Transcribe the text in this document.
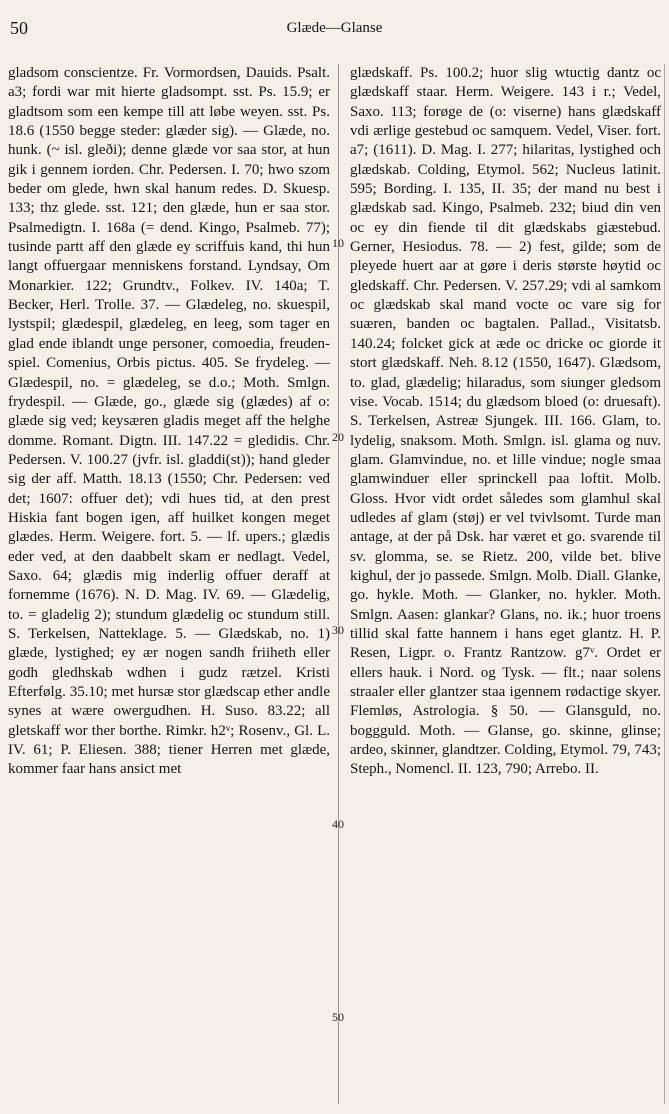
50	Glæde—Glanse

gladsom conscientze. Fr. Vormordsen, Dauids. Psalt. a3; fordi war mit hierte gladsompt. sst. Ps. 15.9; er gladtsom som een kempe till att løbe weyen. sst. Ps. 18.6 (1550 begge steder: glæder sig). — Glæde, no. hunk. (~ isl. gleði); denne glæde vor saa stor, at hun gik i gennem iorden. Chr. Pedersen. I. 70; hwo szom beder om glede, hwn skal hanum redes. D. Skuesp. 133; thz glede. sst. 121; den glæde, hun er saa stor. Psalmedigtn. I. 168a (= dend. Kingo, Psalmeb. 77); tusinde partt aff den glæde ey scriffuis kand, thi hun langt offuergaar menniskens forstand. Lyndsay, Om Monarkier. 122; Grundtv., Folkev. IV. 140a; T. Becker, Herl. Trolle. 37. — Glædeleg, no. skuespil, lystspil; glædespil, glædeleg, en leeg, som tager en glad ende iblandt unge personer, comoedia, freuden-spiel. Comenius, Orbis pictus. 405. Se frydeleg. — Glædespil, no. = glædeleg, se d.o.; Moth. Smlgn. frydespil. — Glæde, go., glæde sig (glædes) af o: glæde sig ved; keysæren gladis meget aff the helghe domme. Romant. Digtn. III. 147.22 = gledidis. Chr. Pedersen. V. 100.27 (jvfr. isl. gladdi(st)); hand gleder sig der aff. Matth. 18.13 (1550; Chr. Pedersen: ved det; 1607: offuer det); vdi hues tid, at den prest Hiskia fant bogen igen, aff huilket kongen meget glædes. Herm. Weigere. fort. 5. — lf. upers.; glædis eder ved, at den daabbelt skam er nedlagt. Vedel, Saxo. 64; glædis mig inderlig offuer deraff at fornemme (1676). N. D. Mag. IV. 69. — Glædelig, to. = gladelig 2); stundum glædelig oc stundum still. S. Terkelsen, Natteklage. 5. — Glædskab, no. 1) glæde, lystighed; ey ær nogen sandh friiheth eller godh gledhskab wdhen i gudz rætzel. Kristi Efterfølg. 35.10; met hursæ stor glædscap ether andle synes at wære owergudhen. H. Suso. 83.22; all gletskaff wor ther borthe. Rimkr. h2ᵛ; Rosenv., Gl. L. IV. 61; P. Eliesen. 388; tiener Herren met glæde, kommer faar hans ansict met

glædskaff. Ps. 100.2; huor slig wtuctig dantz oc glædskaff staar. Herm. Weigere. 143 i r.; Vedel, Saxo. 113; forøge de (o: viserne) hans glædskaff vdi ærlige gestebud oc samquem. Vedel, Viser. fort. a7; (1611). D. Mag. I. 277; hilaritas, lystighed och glædskab. Colding, Etymol. 562; Nucleus latinit. 595; Bording. I. 135, II. 35; der mand nu best i glædskab sad. Kingo, Psalmeb. 232; biud din ven oc ey din fiende til dit glædskabs giæstebud. Gerner, Hesiodus. 78. — 2) fest, gilde; som de pleyede huert aar at gøre i deris største høytid oc gledskaff. Chr. Pedersen. V. 257.29; vdi al samkom oc glædskab skal mand vocte oc vare sig for suæren, banden oc bagtalen. Pallad., Visitatsb. 140.24; folcket gick at æde oc dricke oc giorde it stort glædskaff. Neh. 8.12 (1550, 1647). Glædsom, to. glad, glædelig; hilaradus, som siunger gledsom vise. Vocab. 1514; du glædsom bloed (o: druesaft). S. Terkelsen, Astreæ Sjungek. III. 166. Glam, to. lydelig, snaksom. Moth. Smlgn. isl. glama og nuv. glam. Glamvindue, no. et lille vindue; nogle smaa glamwinduer eller sprinckell paa loftit. Molb. Gloss. Hvor vidt ordet således som glamhul skal udledes af glam (støj) er vel tvivlsomt. Turde man antage, at der på Dsk. har været et go. svarende til sv. glomma, se. se Rietz. 200, vilde bet. blive kighul, der jo passede. Smlgn. Molb. Diall. Glanke, go. hykle. Moth. — Glanker, no. hykler. Moth. Smlgn. Aasen: glankar? Glans, no. ik.; huor troens tillid skal fatte hannem i hans eget glantz. H. P. Resen, Ligpr. o. Frantz Rantzow. g7ᵛ. Ordet er ellers hauk. i Nord. og Tysk. — flt.; naar solens straaler eller glantzer staa igennem rødactige skyer. Flemløs, Astrologia. § 50. — Glansguld, no. boggguld. Moth. — Glanse, go. skinne, glinse; ardeo, skinner, glandtzer. Colding, Etymol. 79, 743; Steph., Nomencl. II. 123, 790; Arrebo. II.

10
20
30
40
50
